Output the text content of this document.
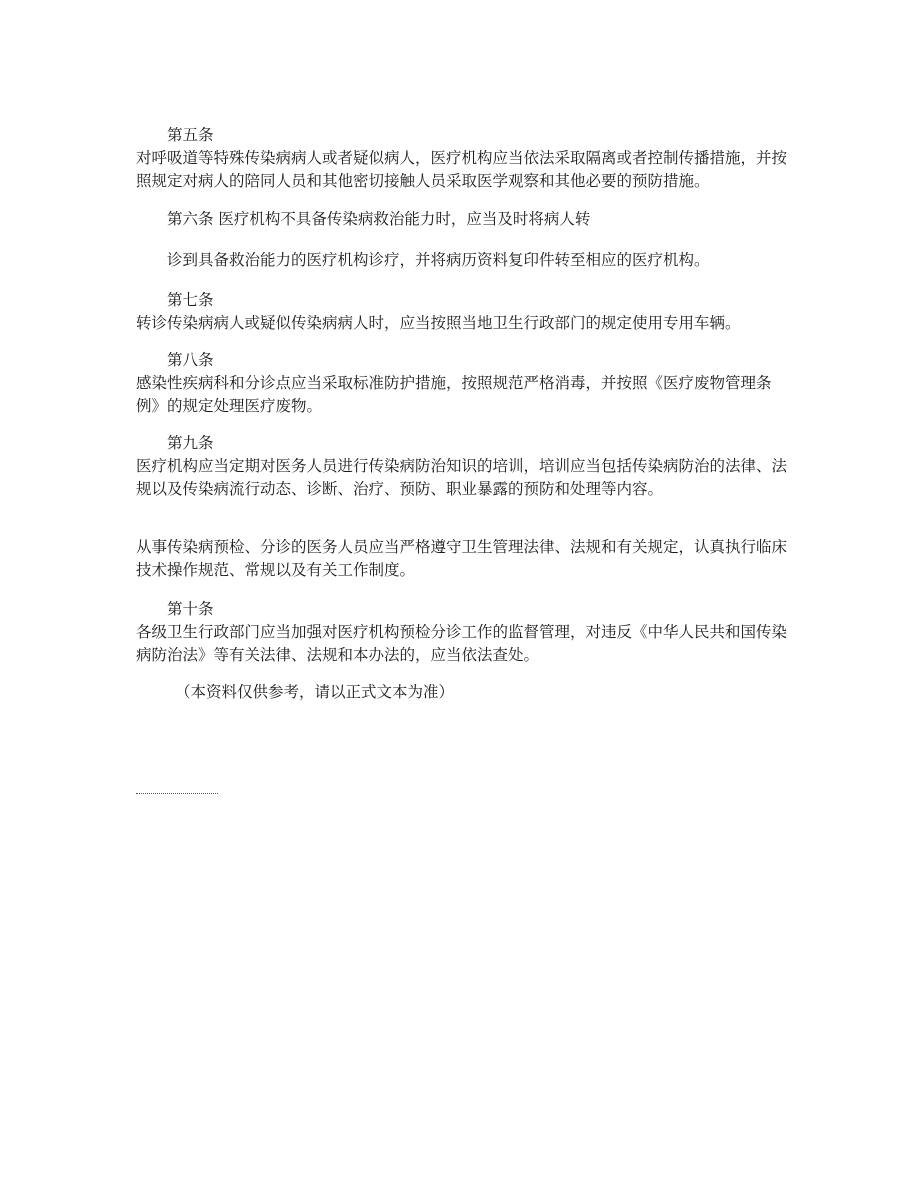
第五条
对呼吸道等特殊传染病病人或者疑似病人，医疗机构应当依法采取隔离或者控制传播措施，并按照规定对病人的陪同人员和其他密切接触人员采取医学观察和其他必要的预防措施。
第六条 医疗机构不具备传染病救治能力时，应当及时将病人转
诊到具备救治能力的医疗机构诊疗，并将病历资料复印件转至相应的医疗机构。
第七条
转诊传染病病人或疑似传染病病人时，应当按照当地卫生行政部门的规定使用专用车辆。
第八条
感染性疾病科和分诊点应当采取标准防护措施，按照规范严格消毒，并按照《医疗废物管理条例》的规定处理医疗废物。
第九条
医疗机构应当定期对医务人员进行传染病防治知识的培训，培训应当包括传染病防治的法律、法规以及传染病流行动态、诊断、治疗、预防、职业暴露的预防和处理等内容。
从事传染病预检、分诊的医务人员应当严格遵守卫生管理法律、法规和有关规定，认真执行临床技术操作规范、常规以及有关工作制度。
第十条
各级卫生行政部门应当加强对医疗机构预检分诊工作的监督管理，对违反《中华人民共和国传染病防治法》等有关法律、法规和本办法的，应当依法查处。
（本资料仅供参考，请以正式文本为准）
